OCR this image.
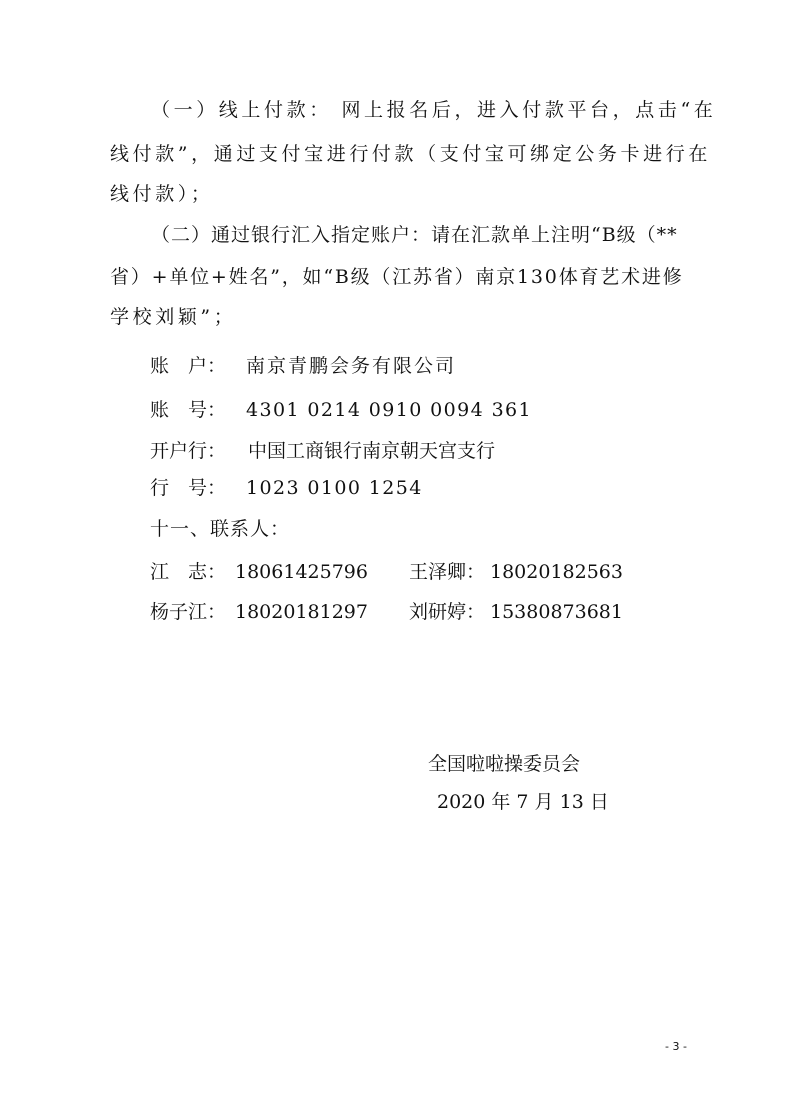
（一）线上付款： 网上报名后，进入付款平台，点击“在
线付款”，通过支付宝进行付款（支付宝可绑定公务卡进行在
线付款）；
（二）通过银行汇入指定账户：请在汇款单上注明“B级（**
省）+单位+姓名”，如“B级（江苏省）南京130体育艺术进修
学校刘颖”；
账　户： 南京青鹏会务有限公司
账　号： 4301 0214 0910 0094 361
开户行： 中国工商银行南京朝天宫支行
行　号： 1023 0100 1254
十一、联系人：
江　志： 18061425796 王泽卿： 18020182563
杨子江： 18020181297 刘研婷： 15380873681
全国啦啦操委员会
2020 年 7 月 13 日
- 3 -
